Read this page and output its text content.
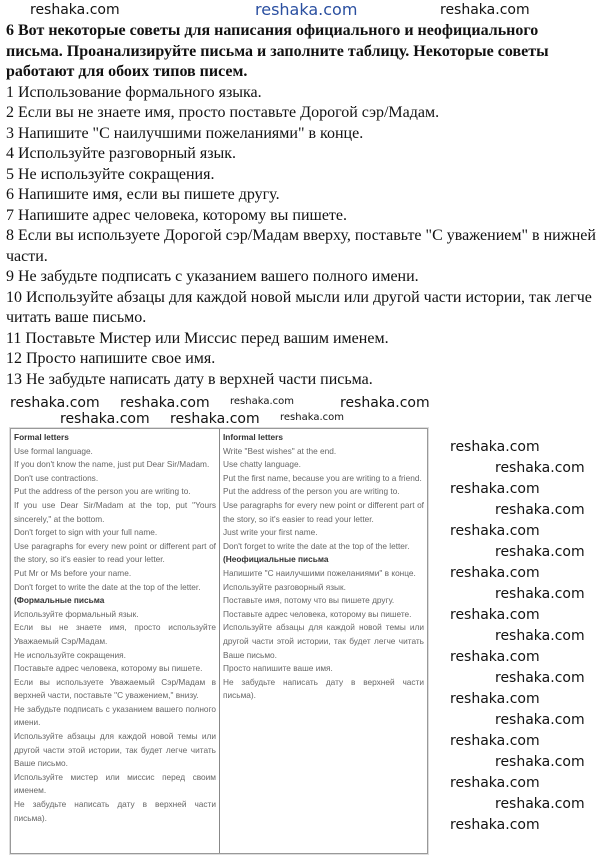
6 Вот некоторые советы для написания официального и неофициального письма. Проанализируйте письма и заполните таблицу. Некоторые советы работают для обоих типов писем.

1 Использование формального языка.

2 Если вы не знаете имя, просто поставьте Дорогой сэр/Мадам.

3 Напишите "С наилучшими пожеланиями" в конце.

4 Используйте разговорный язык.

5 Не используйте сокращения.

6 Напишите имя, если вы пишете другу.

7 Напишите адрес человека, которому вы пишете.

8 Если вы используете Дорогой сэр/Мадам вверху, поставьте "С уважением" в нижней части.

9 Не забудьте подписать с указанием вашего полного имени.

10 Используйте абзацы для каждой новой мысли или другой части истории, так легче читать ваше письмо.

11 Поставьте Мистер или Миссис перед вашим именем.

12 Просто напишите свое имя.

13 Не забудьте написать дату в верхней части письма.

Formal letters

Use formal language.

If you don't know the name, just put Dear Sir/Madam.

Don't use contractions.

Put the address of the person you are writing to.

If you use Dear Sir/Madam at the top, put "Yours sincerely," at the bottom.

Don't forget to sign with your full name.

Use paragraphs for every new point or different part of the story, so it's easier to read your letter.

Put Mr or Ms before your name.

Don't forget to write the date at the top of the letter.

(Формальные письма

Используйте формальный язык.

Если вы не знаете имя, просто используйте Уважаемый Сэр/Мадам.

Не используйте сокращения.

Поставьте адрес человека, которому вы пишете.

Если вы используете Уважаемый Сэр/Мадам в верхней части, поставьте "С уважением," внизу.

Не забудьте подписать с указанием вашего полного имени.

Используйте абзацы для каждой новой темы или другой части этой истории, так будет легче читать Ваше письмо.

Используйте мистер или миссис перед своим именем.

Не забудьте написать дату в верхней части письма).

Informal letters

Write "Best wishes" at the end.

Use chatty language.

Put the first name, because you are writing to a friend.

Put the address of the person you are writing to.

Use paragraphs for every new point or different part of the story, so it's easier to read your letter.

Just write your first name.

Don't forget to write the date at the top of the letter.

(Неофициальные письма

Напишите "С наилучшими пожеланиями" в конце.

Используйте разговорный язык.

Поставьте имя, потому что вы пишете другу.

Поставьте адрес человека, которому вы пишете.

Используйте абзацы для каждой новой темы или другой части этой истории, так будет легче читать Ваше письмо.

Просто напишите ваше имя.

Не забудьте написать дату в верхней части письма).

reshaka.com
reshaka.com	reshaka.com
reshaka.com reshaka.com reshaka.com	reshaka.com
reshaka.com reshaka.com reshaka.com
reshaka.com
reshaka.com
reshaka.com
reshaka.com
reshaka.com
reshaka.com
reshaka.com
reshaka.com
reshaka.com
reshaka.com
reshaka.com
reshaka.com
reshaka.com
reshaka.com
reshaka.com
reshaka.com
reshaka.com
reshaka.com
reshaka.com
